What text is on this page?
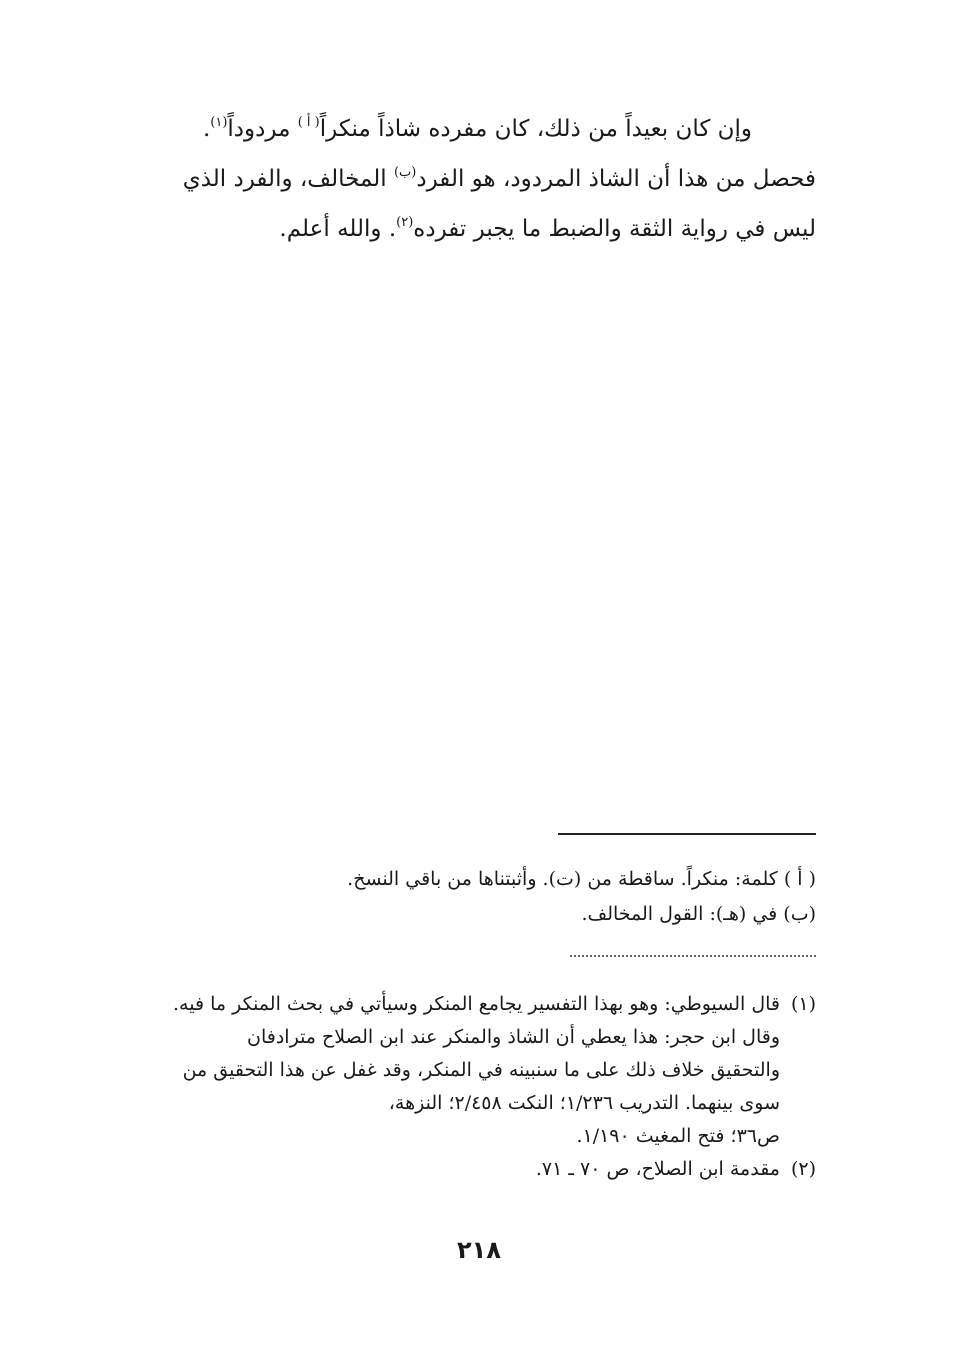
وإن كان بعيداً من ذلك، كان مفرده شاذاً منكراً$^{( أ )}$ مردوداً$^{(١)}$.

فحصل من هذا أن الشاذ المردود، هو الفرد$^{(ب)}$ المخالف، والفرد الذي

ليس في رواية الثقة والضبط ما يجبر تفرده$^{(٢)}$. والله أعلم.

( أ ) كلمة: منكراً. ساقطة من (ت). وأثبتناها من باقي النسخ.

(ب) في (هـ): القول المخالف.

(١)
قال السيوطي: وهو بهذا التفسير يجامع المنكر وسيأتي في بحث المنكر ما فيه.
وقال ابن حجر: هذا يعطي أن الشاذ والمنكر عند ابن الصلاح مترادفان
والتحقيق خلاف ذلك على ما سنبينه في المنكر، وقد غفل عن هذا التحقيق من
سوى بينهما. التدريب ١/٢٣٦؛ النكت ٢/٤٥٨؛ النزهة،
ص٣٦؛ فتح المغيث ١/١٩٠.
(٢)
مقدمة ابن الصلاح، ص ٧٠ ـ ٧١.
٢١٨
